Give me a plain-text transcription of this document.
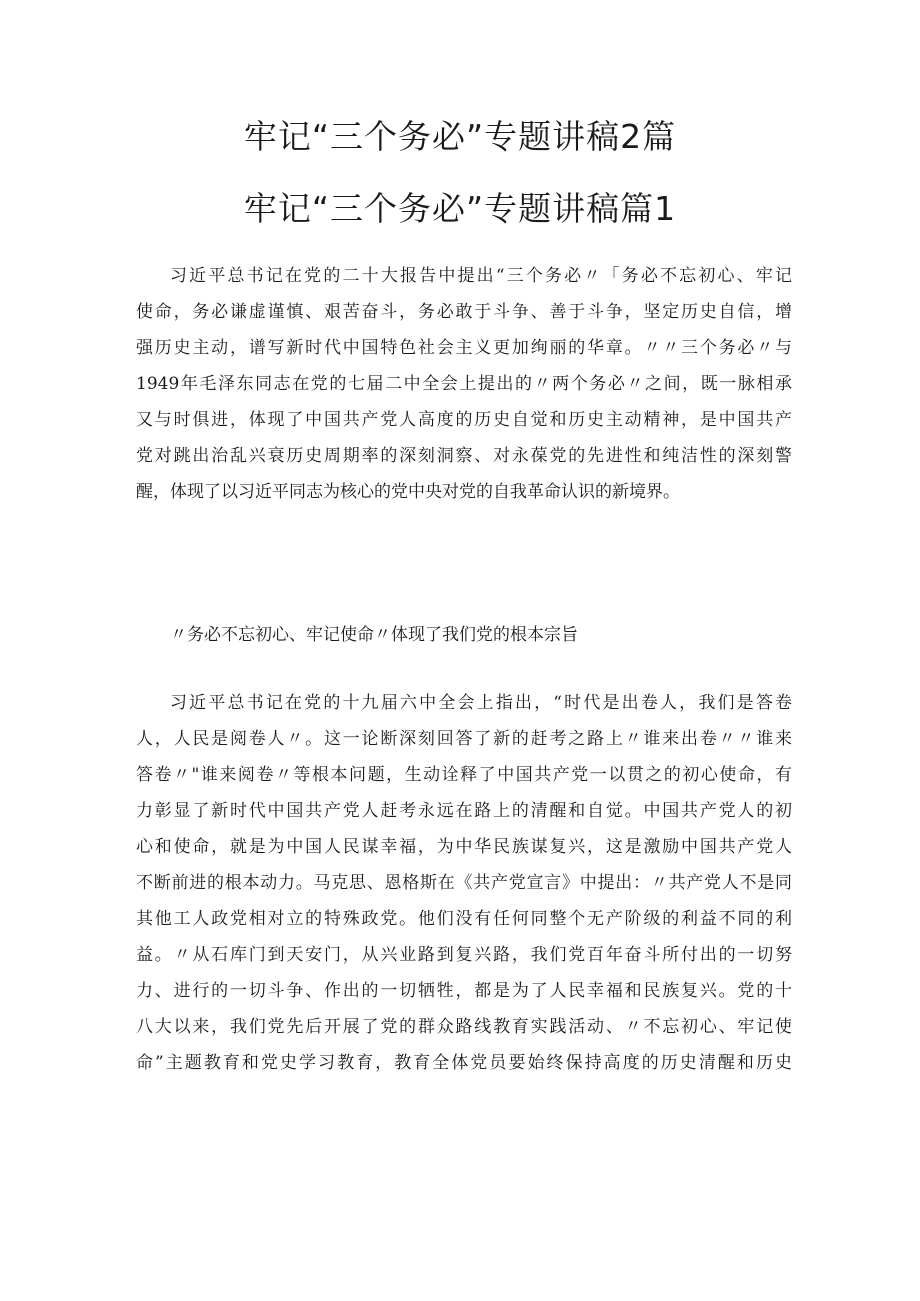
牢记“三个务必”专题讲稿2篇
牢记“三个务必”专题讲稿篇1

习近平总书记在党的二十大报告中提出“三个务必〃「务必不忘初心、牢记
使命，务必谦虚谨慎、艰苦奋斗，务必敢于斗争、善于斗争，坚定历史自信，增
强历史主动，谱写新时代中国特色社会主义更加绚丽的华章。〃〃三个务必〃与
1949年毛泽东同志在党的七届二中全会上提出的〃两个务必〃之间，既一脉相承
又与时俱进，体现了中国共产党人高度的历史自觉和历史主动精神，是中国共产
党对跳出治乱兴衰历史周期率的深刻洞察、对永葆党的先进性和纯洁性的深刻警
醒，体现了以习近平同志为核心的党中央对党的自我革命认识的新境界。

〃务必不忘初心、牢记使命〃体现了我们党的根本宗旨

习近平总书记在党的十九届六中全会上指出，“时代是出卷人，我们是答卷
人，人民是阅卷人〃。这一论断深刻回答了新的赶考之路上〃谁来出卷〃〃谁来
答卷〃"谁来阅卷〃等根本问题，生动诠释了中国共产党一以贯之的初心使命，有
力彰显了新时代中国共产党人赶考永远在路上的清醒和自觉。中国共产党人的初
心和使命，就是为中国人民谋幸福，为中华民族谋复兴，这是激励中国共产党人
不断前进的根本动力。马克思、恩格斯在《共产党宣言》中提出：〃共产党人不是同
其他工人政党相对立的特殊政党。他们没有任何同整个无产阶级的利益不同的利
益。〃从石库门到天安门，从兴业路到复兴路，我们党百年奋斗所付出的一切努
力、进行的一切斗争、作出的一切牺牲，都是为了人民幸福和民族复兴。党的十
八大以来，我们党先后开展了党的群众路线教育实践活动、〃不忘初心、牢记使
命”主题教育和党史学习教育，教育全体党员要始终保持高度的历史清醒和历史
